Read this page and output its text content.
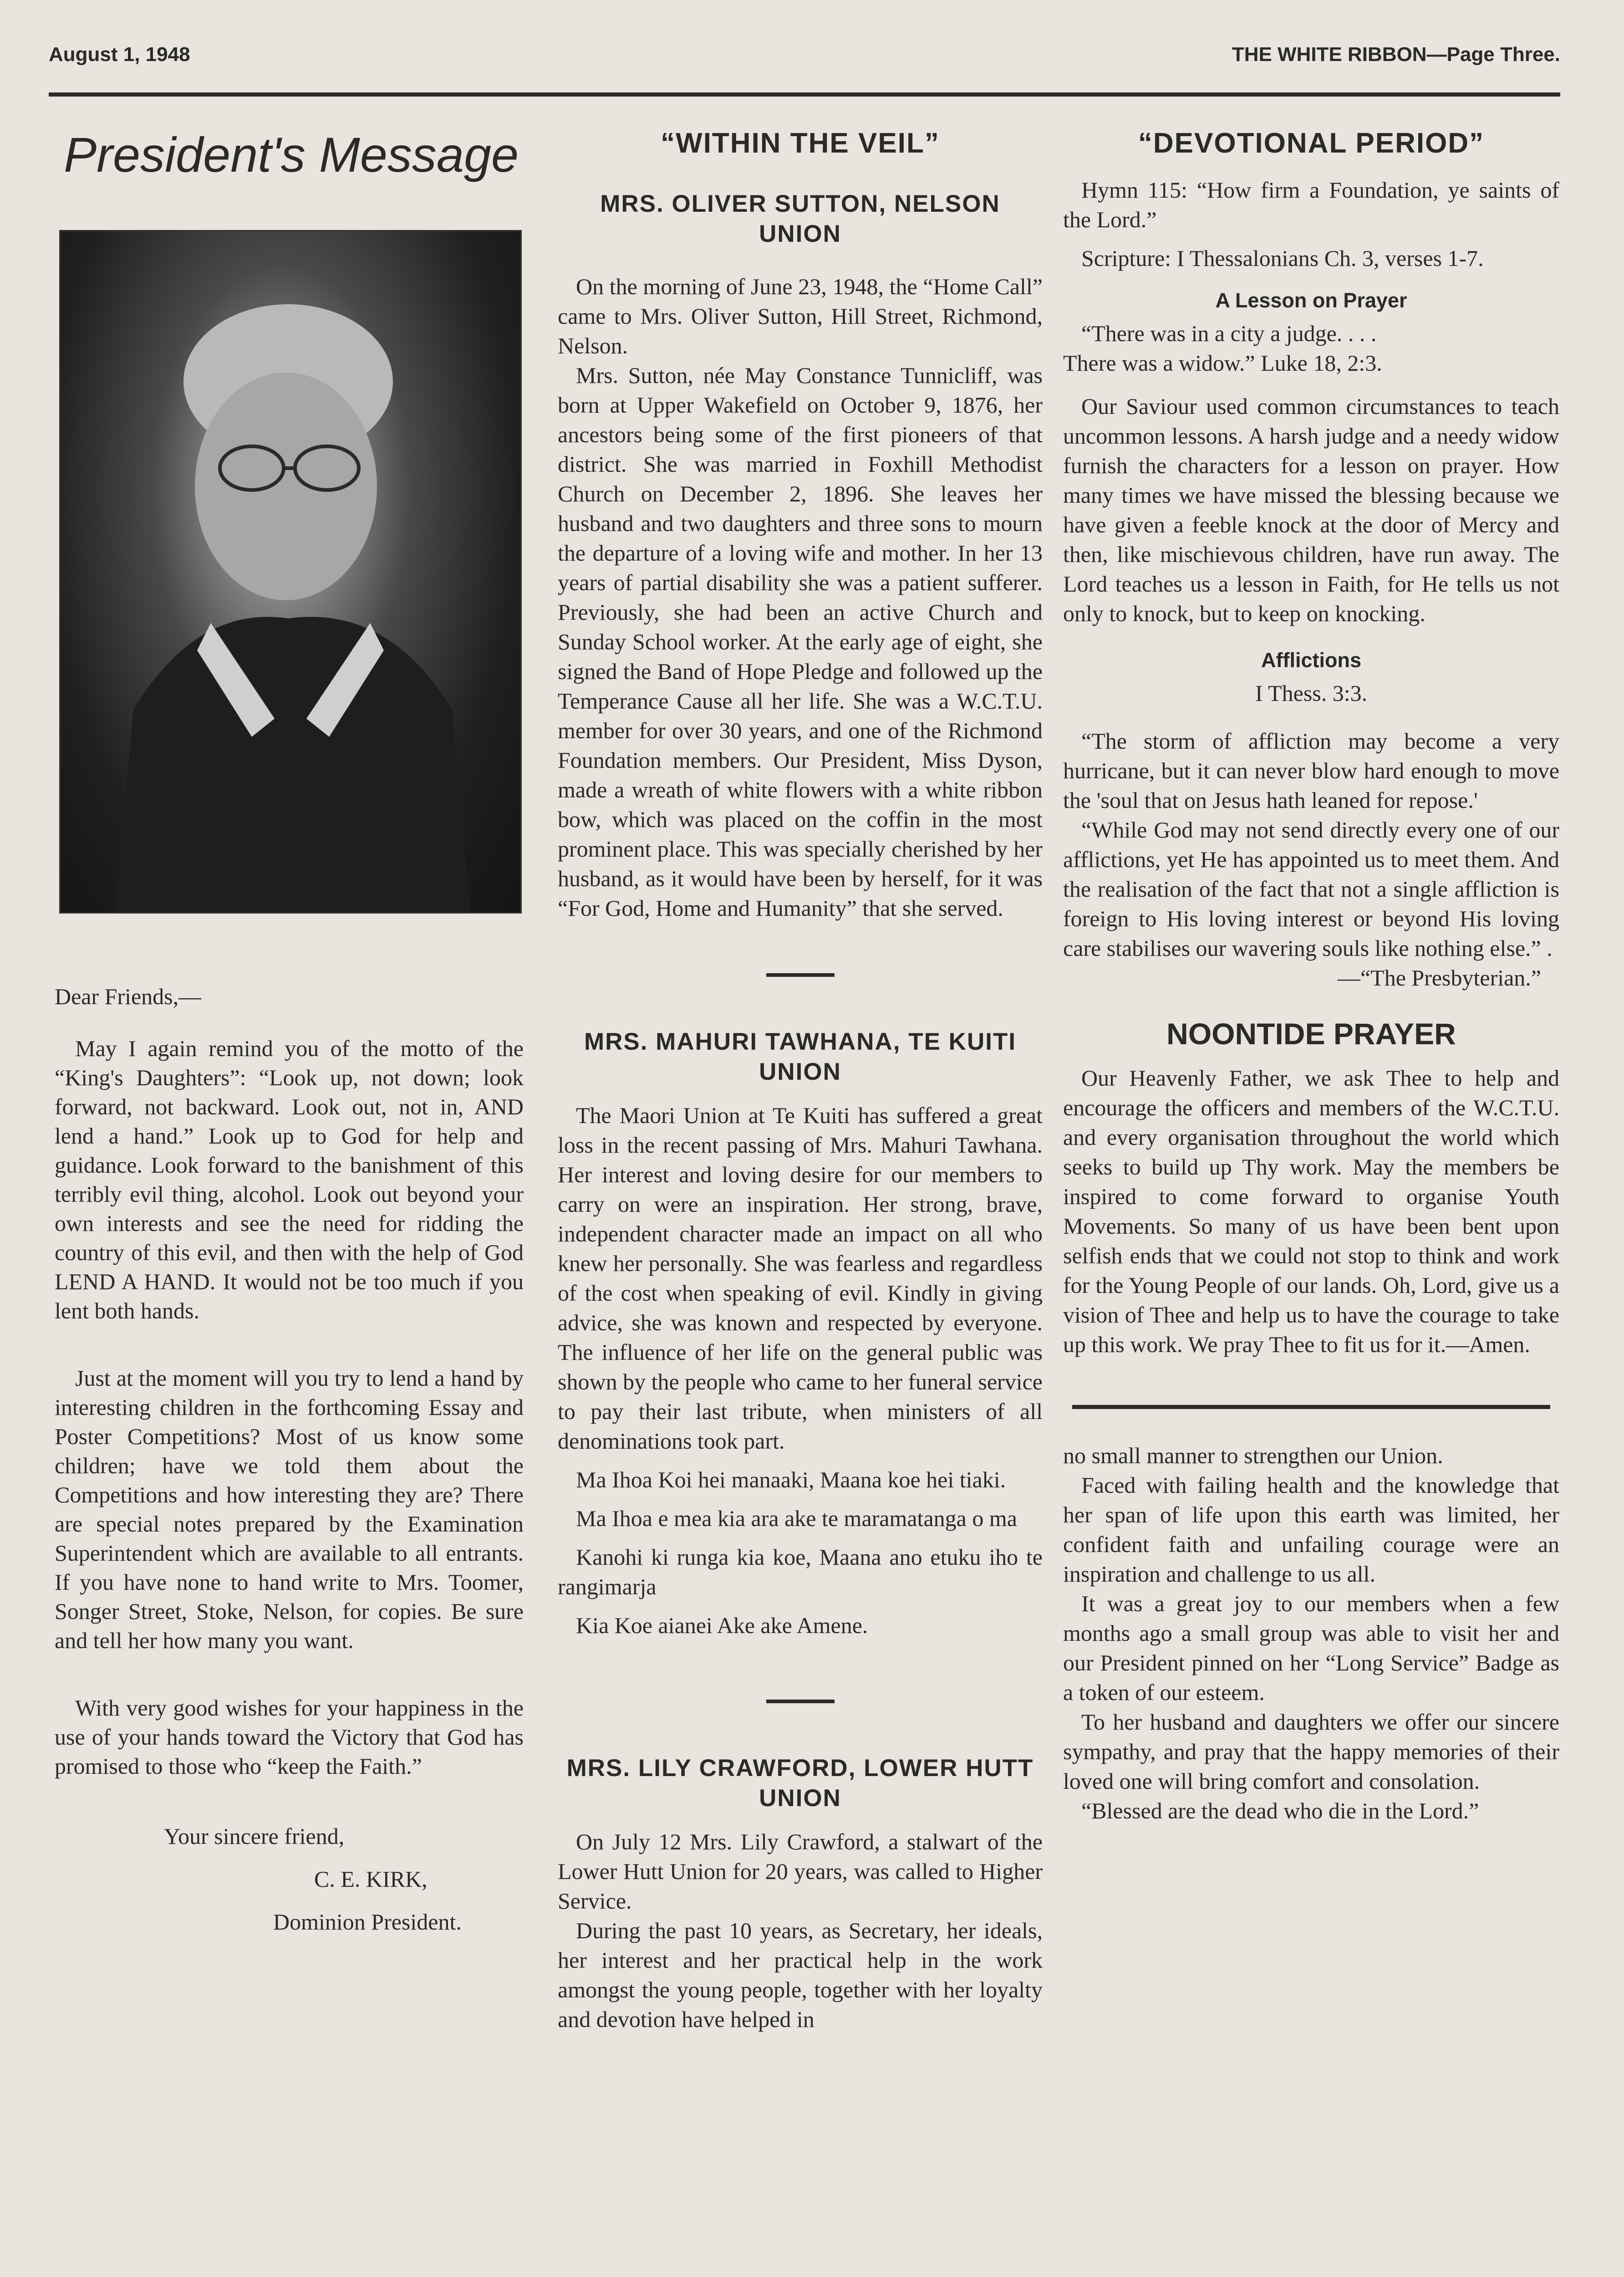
August 1, 1948	THE WHITE RIBBON—Page Three.
President's Message

Dear Friends,—

May I again remind you of the motto of the “King's Daughters”: “Look up, not down; look forward, not backward. Look out, not in, AND lend a hand.” Look up to God for help and guidance. Look forward to the banishment of this terribly evil thing, alcohol. Look out beyond your own interests and see the need for ridding the country of this evil, and then with the help of God LEND A HAND. It would not be too much if you lent both hands.

Just at the moment will you try to lend a hand by interesting children in the forthcoming Essay and Poster Competitions? Most of us know some children; have we told them about the Competitions and how interesting they are? There are special notes prepared by the Examination Superintendent which are available to all entrants. If you have none to hand write to Mrs. Toomer, Songer Street, Stoke, Nelson, for copies. Be sure and tell her how many you want.

With very good wishes for your happiness in the use of your hands toward the Victory that God has promised to those who “keep the Faith.”

Your sincere friend,
C. E. KIRK,
Dominion President.
“WITHIN THE VEIL”
MRS. OLIVER SUTTON, NELSON UNION

On the morning of June 23, 1948, the “Home Call” came to Mrs. Oliver Sutton, Hill Street, Richmond, Nelson.

Mrs. Sutton, née May Constance Tunnicliff, was born at Upper Wakefield on October 9, 1876, her ancestors being some of the first pioneers of that district. She was married in Foxhill Methodist Church on December 2, 1896. She leaves her husband and two daughters and three sons to mourn the departure of a loving wife and mother. In her 13 years of partial disability she was a patient sufferer. Previously, she had been an active Church and Sunday School worker. At the early age of eight, she signed the Band of Hope Pledge and followed up the Temperance Cause all her life. She was a W.C.T.U. member for over 30 years, and one of the Richmond Foundation members. Our President, Miss Dyson, made a wreath of white flowers with a white ribbon bow, which was placed on the coffin in the most prominent place. This was specially cherished by her husband, as it would have been by herself, for it was “For God, Home and Humanity” that she served.

MRS. MAHURI TAWHANA, TE KUITI UNION

The Maori Union at Te Kuiti has suffered a great loss in the recent passing of Mrs. Mahuri Tawhana. Her interest and loving desire for our members to carry on were an inspiration. Her strong, brave, independent character made an impact on all who knew her personally. She was fearless and regardless of the cost when speaking of evil. Kindly in giving advice, she was known and respected by everyone. The influence of her life on the general public was shown by the people who came to her funeral service to pay their last tribute, when ministers of all denominations took part.

Ma Ihoa Koi hei manaaki, Maana koe hei tiaki.

Ma Ihoa e mea kia ara ake te maramatanga o ma

Kanohi ki runga kia koe, Maana ano etuku iho te rangimarja

Kia Koe aianei Ake ake Amene.

MRS. LILY CRAWFORD, LOWER HUTT UNION

On July 12 Mrs. Lily Crawford, a stalwart of the Lower Hutt Union for 20 years, was called to Higher Service.

During the past 10 years, as Secretary, her ideals, her interest and her practical help in the work amongst the young people, together with her loyalty and devotion have helped in

“DEVOTIONAL PERIOD”

Hymn 115: “How firm a Foundation, ye saints of the Lord.”

Scripture: I Thessalonians Ch. 3, verses 1-7.

A Lesson on Prayer

“There was in a city a judge. . . .

There was a widow.” Luke 18, 2:3.

Our Saviour used common circumstances to teach uncommon lessons. A harsh judge and a needy widow furnish the characters for a lesson on prayer. How many times we have missed the blessing because we have given a feeble knock at the door of Mercy and then, like mischievous children, have run away. The Lord teaches us a lesson in Faith, for He tells us not only to knock, but to keep on knocking.

Afflictions
I Thess. 3:3.

“The storm of affliction may become a very hurricane, but it can never blow hard enough to move the 'soul that on Jesus hath leaned for repose.'

“While God may not send directly every one of our afflictions, yet He has appointed us to meet them. And the realisation of the fact that not a single affliction is foreign to His loving interest or beyond His loving care stabilises our wavering souls like nothing else.” .

—“The Presbyterian.”
NOONTIDE PRAYER

Our Heavenly Father, we ask Thee to help and encourage the officers and members of the W.C.T.U. and every organisation throughout the world which seeks to build up Thy work. May the members be inspired to come forward to organise Youth Movements. So many of us have been bent upon selfish ends that we could not stop to think and work for the Young People of our lands. Oh, Lord, give us a vision of Thee and help us to have the courage to take up this work. We pray Thee to fit us for it.—Amen.

no small manner to strengthen our Union.

Faced with failing health and the knowledge that her span of life upon this earth was limited, her confident faith and unfailing courage were an inspiration and challenge to us all.

It was a great joy to our members when a few months ago a small group was able to visit her and our President pinned on her “Long Service” Badge as a token of our esteem.

To her husband and daughters we offer our sincere sympathy, and pray that the happy memories of their loved one will bring comfort and consolation.

“Blessed are the dead who die in the Lord.”
